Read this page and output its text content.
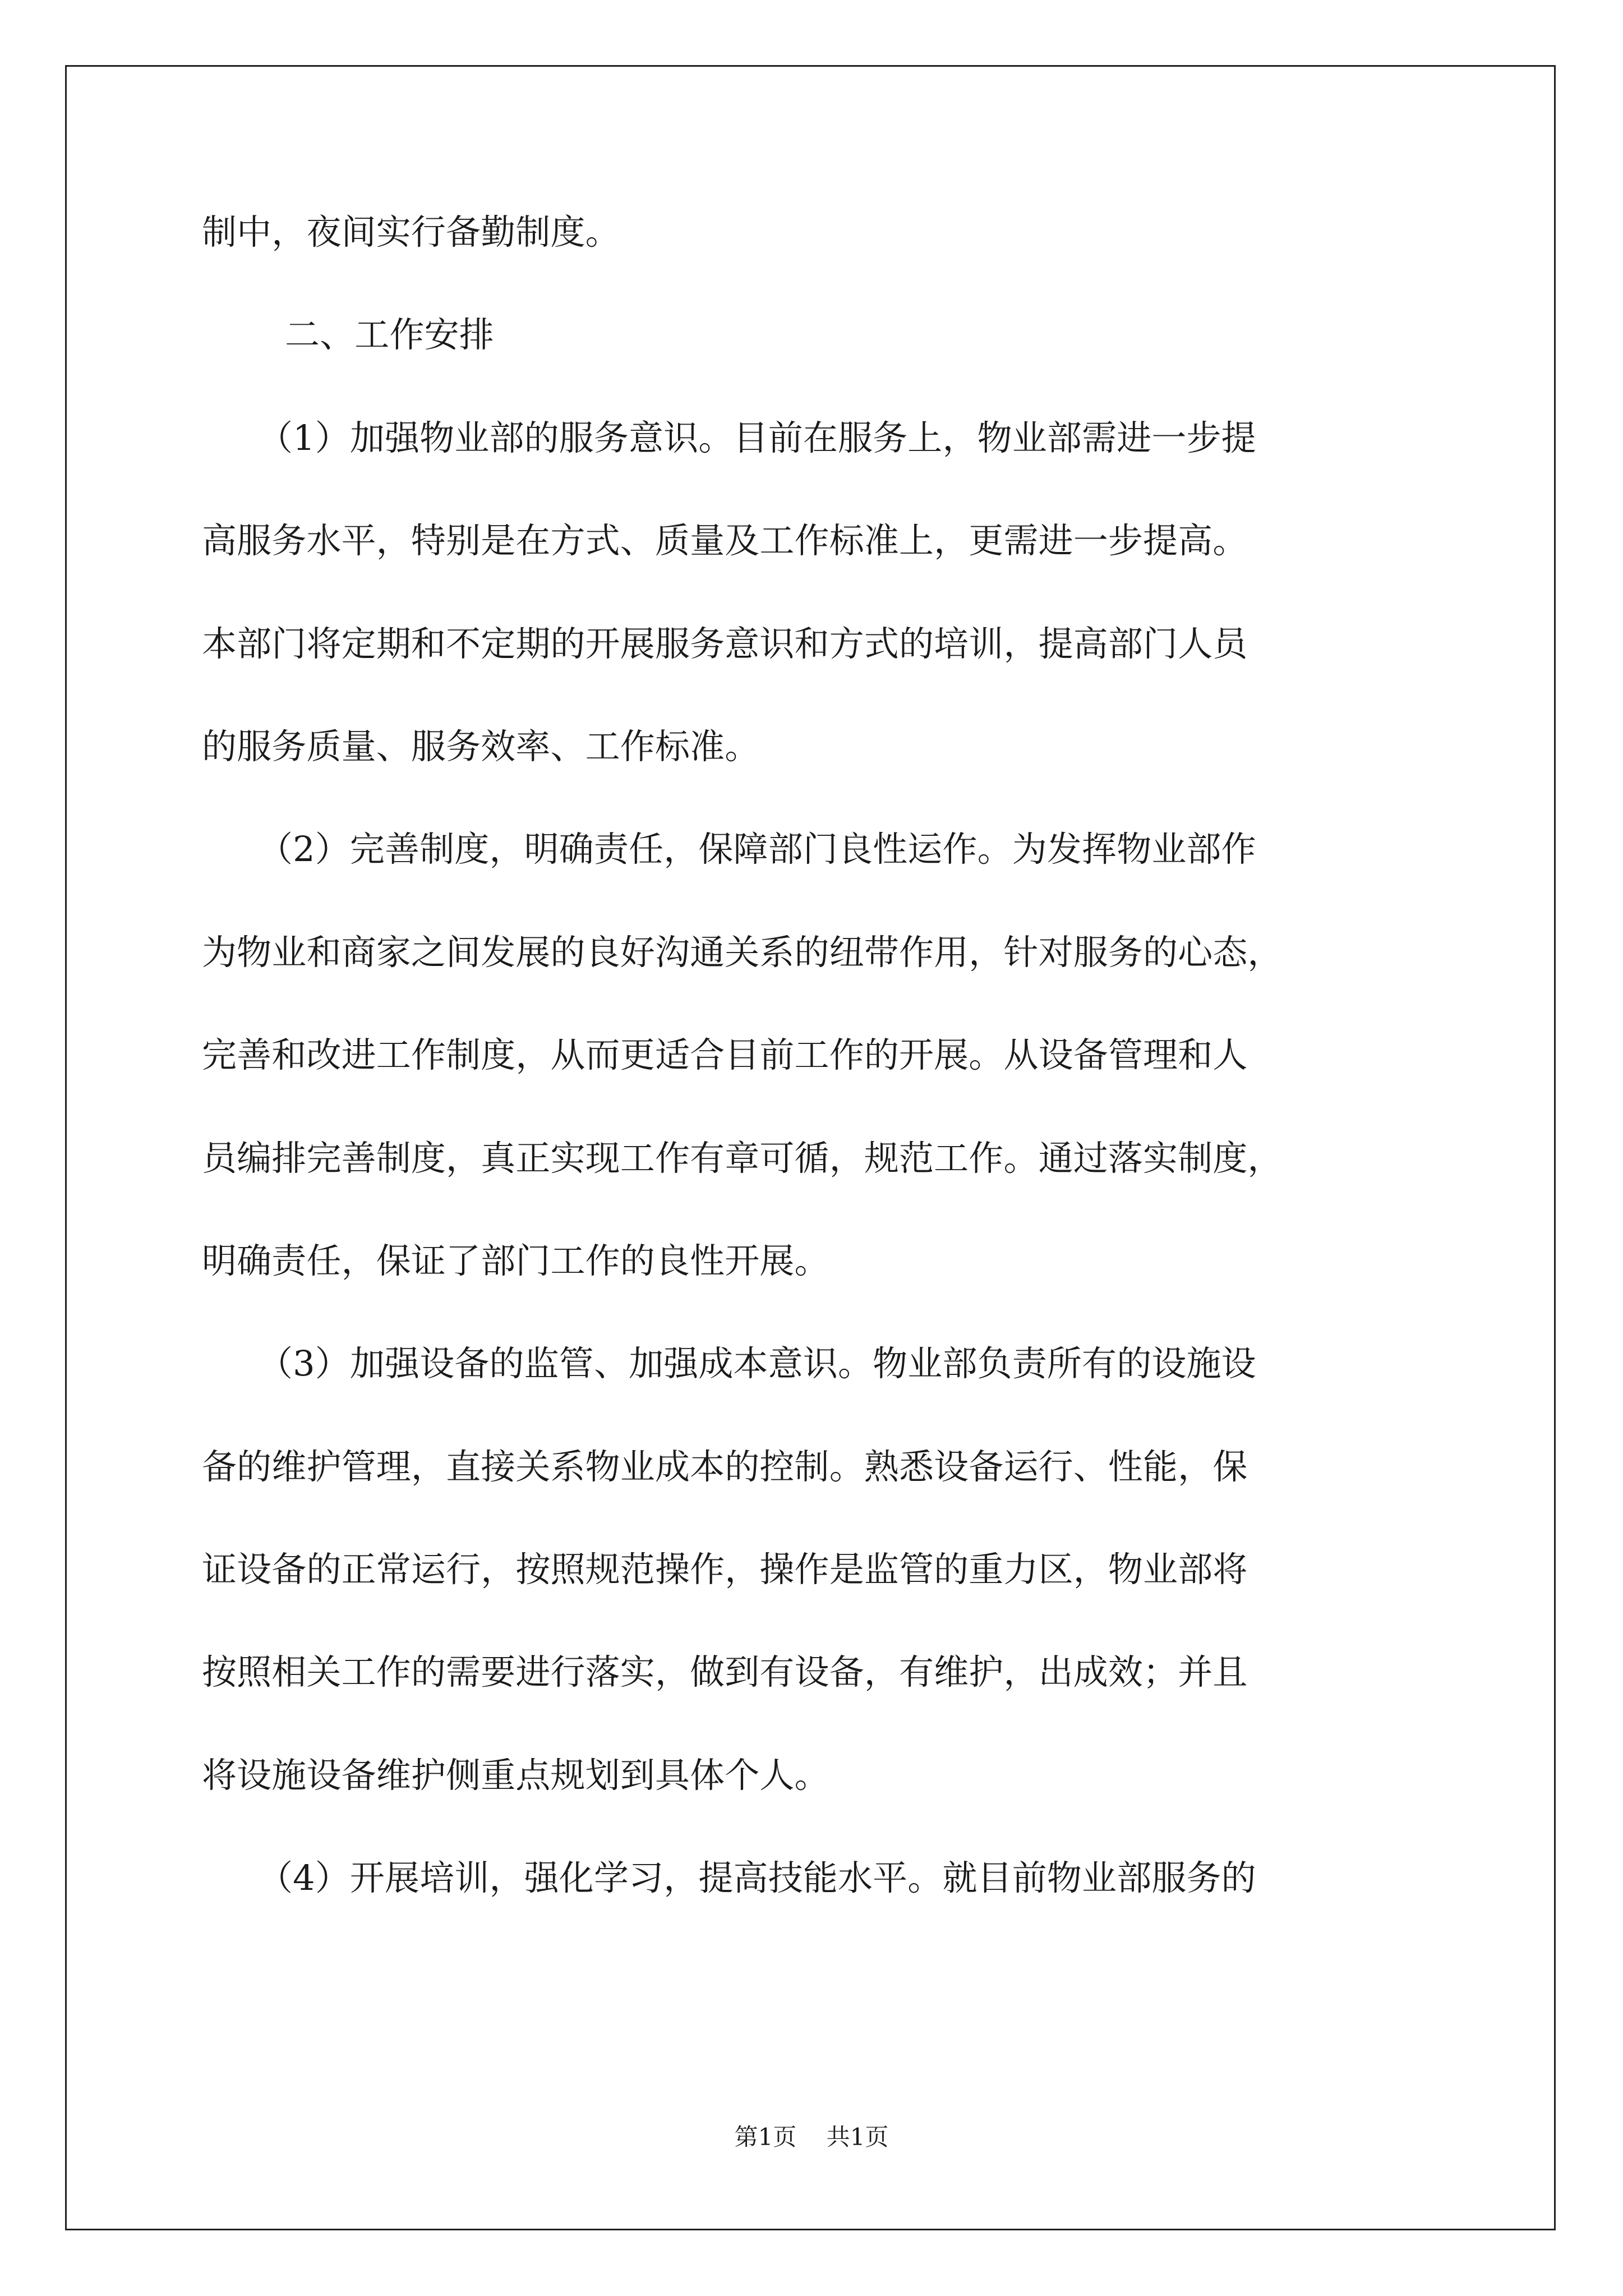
制中，夜间实行备勤制度。
二、工作安排
（1）加强物业部的服务意识。目前在服务上，物业部需进一步提
高服务水平，特别是在方式、质量及工作标准上，更需进一步提高。
本部门将定期和不定期的开展服务意识和方式的培训，提高部门人员
的服务质量、服务效率、工作标准。
（2）完善制度，明确责任，保障部门良性运作。为发挥物业部作
为物业和商家之间发展的良好沟通关系的纽带作用，针对服务的心态，
完善和改进工作制度，从而更适合目前工作的开展。从设备管理和人
员编排完善制度，真正实现工作有章可循，规范工作。通过落实制度，
明确责任，保证了部门工作的良性开展。
（3）加强设备的监管、加强成本意识。物业部负责所有的设施设
备的维护管理，直接关系物业成本的控制。熟悉设备运行、性能，保
证设备的正常运行，按照规范操作，操作是监管的重力区，物业部将
按照相关工作的需要进行落实，做到有设备，有维护，出成效；并且
将设施设备维护侧重点规划到具体个人。
（4）开展培训，强化学习，提高技能水平。就目前物业部服务的
第1页 共1页
